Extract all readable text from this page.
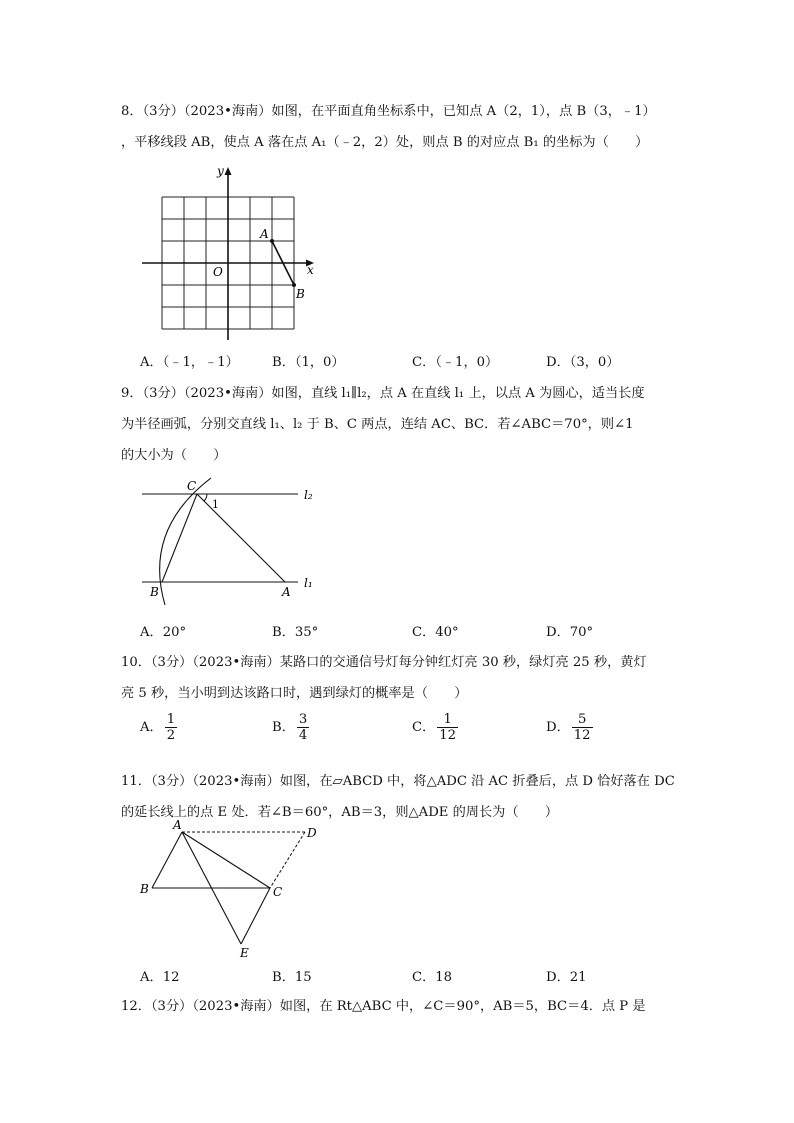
8．（3分）（2023•海南）如图，在平面直角坐标系中，已知点 A（2，1），点 B（3，﹣1）
，平移线段 AB，使点 A 落在点 A₁（﹣2，2）处，则点 B 的对应点 B₁ 的坐标为（　　）
y
x
O
A
B
A．（﹣1，﹣1）	B．（1，0）	C．（﹣1，0）	D．（3，0）
9．（3分）（2023•海南）如图，直线 l₁∥l₂，点 A 在直线 l₁ 上，以点 A 为圆心，适当长度
为半径画弧，分别交直线 l₁、l₂ 于 B、C 两点，连结 AC、BC．若∠ABC＝70°，则∠1
的大小为（　　）
C
1
l₂
l₁
B	A
A．20°	B．35°	C．40°	D．70°
10．（3分）（2023•海南）某路口的交通信号灯每分钟红灯亮 30 秒，绿灯亮 25 秒，黄灯
亮 5 秒，当小明到达该路口时，遇到绿灯的概率是（　　）
A． $\frac{1}{2}$	B． $\frac{3}{4}$	C． $\frac{1}{12}$	D． $\frac{5}{12}$
11．（3分）（2023•海南）如图，在▱ABCD 中，将△ADC 沿 AC 折叠后，点 D 恰好落在 DC
的延长线上的点 E 处．若∠B＝60°，AB＝3，则△ADE 的周长为（　　）
A
D
B	C
E
A．12	B．15	C．18	D．21
12．（3分）（2023•海南）如图，在 Rt△ABC 中，∠C＝90°，AB＝5，BC＝4．点 P 是
